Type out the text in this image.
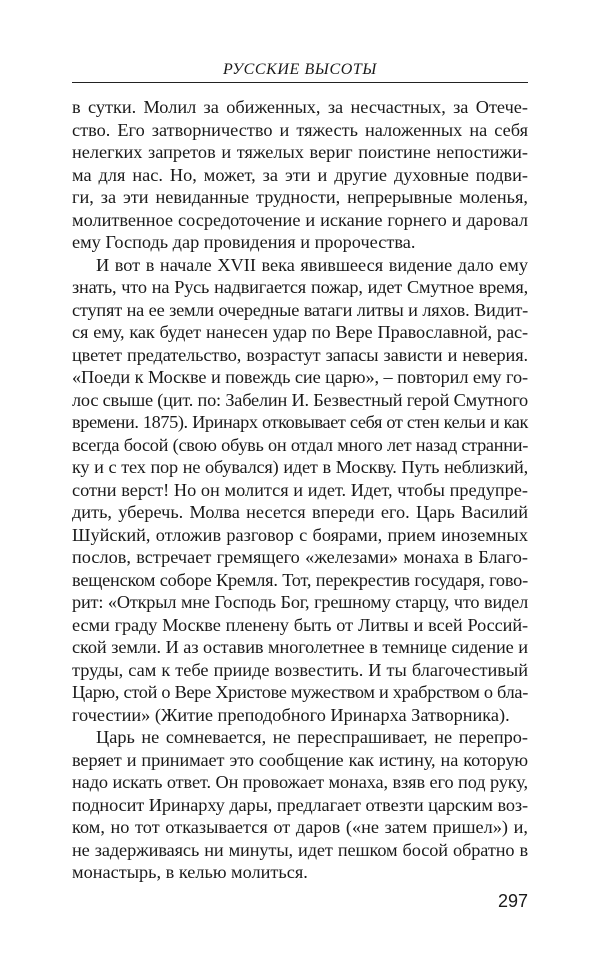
РУССКИЕ ВЫСОТЫ
в сутки. Молил за обиженных, за несчастных, за Отече-
ство. Его затворничество и тяжесть наложенных на себя
нелегких запретов и тяжелых вериг поистине непостижи-
ма для нас. Но, может, за эти и другие духовные подви-
ги, за эти невиданные трудности, непрерывные моленья,
молитвенное сосредоточение и искание горнего и даровал
ему Господь дар провидения и пророчества.
И вот в начале XVII века явившееся видение дало ему
знать, что на Русь надвигается пожар, идет Смутное время,
ступят на ее земли очередные ватаги литвы и ляхов. Видит-
ся ему, как будет нанесен удар по Вере Православной, рас-
цветет предательство, возрастут запасы зависти и неверия.
«Поеди к Москве и повеждь сие царю», – повторил ему го-
лос свыше (цит. по: Забелин И. Безвестный герой Смутного
времени. 1875). Иринарх отковывает себя от стен кельи и как
всегда босой (свою обувь он отдал много лет назад странни-
ку и с тех пор не обувался) идет в Москву. Путь неблизкий,
сотни верст! Но он молится и идет. Идет, чтобы предупре-
дить, уберечь. Молва несется впереди его. Царь Василий
Шуйский, отложив разговор с боярами, прием иноземных
послов, встречает гремящего «железами» монаха в Благо-
вещенском соборе Кремля. Тот, перекрестив государя, гово-
рит: «Открыл мне Господь Бог, грешному старцу, что видел
есми граду Москве пленену быть от Литвы и всей Россий-
ской земли. И аз оставив многолетнее в темнице сидение и
труды, сам к тебе прииде возвестить. И ты благочестивый
Царю, стой о Вере Христове мужеством и храбрством о бла-
гочестии» (Житие преподобного Иринарха Затворника).
Царь не сомневается, не переспрашивает, не перепро-
веряет и принимает это сообщение как истину, на которую
надо искать ответ. Он провожает монаха, взяв его под руку,
подносит Иринарху дары, предлагает отвезти царским воз-
ком, но тот отказывается от даров («не затем пришел») и,
не задерживаясь ни минуты, идет пешком босой обратно в
монастырь, в келью молиться.
297
